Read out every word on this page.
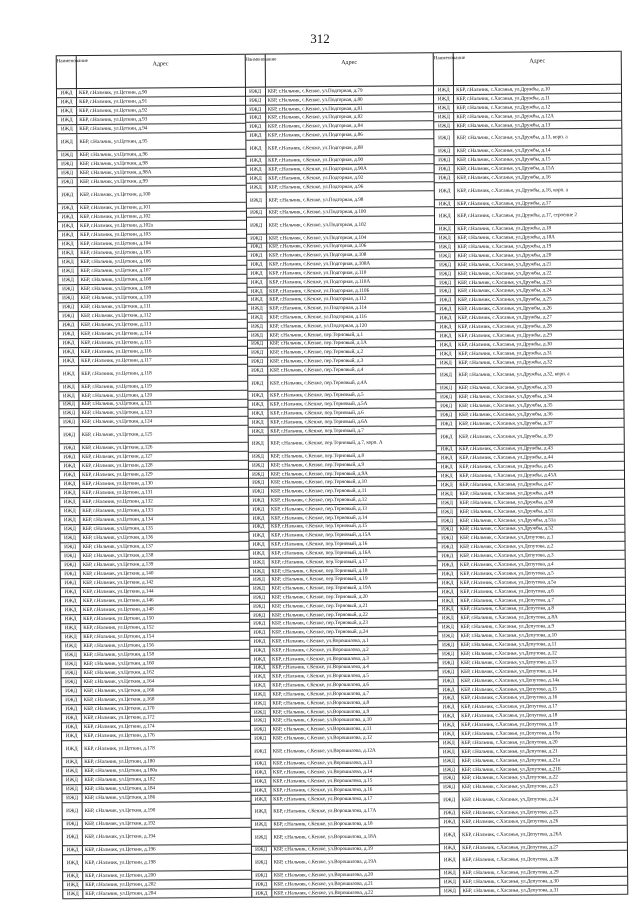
312
Наименование	Адрес
ИЖД	КБР, г.Нальчик, ул.Цеткин, д.90
ИЖД	КБР, г.Нальчик, ул.Цеткин, д.91
ИЖД	КБР, г.Нальчик, ул.Цеткин, д.92
ИЖД	КБР, г.Нальчик, ул.Цеткин, д.93
ИЖД	КБР, г.Нальчик, ул.Цеткин, д.94
ИЖД	КБР, г.Нальчик, ул.Цеткин, д.95
ИЖД	КБР, г.Нальчик, ул.Цеткин, д.96
ИЖД	КБР, г.Нальчик, ул.Цеткин, д.98
ИЖД	КБР, г.Нальчик, ул.Цеткин, д.98А
ИЖД	КБР, г.Нальчик, ул.Цеткин, д.99
ИЖД	КБР, г.Нальчик, ул.Цеткин, д.100
ИЖД	КБР, г.Нальчик, ул.Цеткин, д.101
ИЖД	КБР, г.Нальчик, ул.Цеткин, д.102
ИЖД	КБР, г.Нальчик, ул.Цеткин, д.102а
ИЖД	КБР, г.Нальчик, ул.Цеткин, д.103
ИЖД	КБР, г.Нальчик, ул.Цеткин, д.104
ИЖД	КБР, г.Нальчик, ул.Цеткин, д.105
ИЖД	КБР, г.Нальчик, ул.Цеткин, д.106
ИЖД	КБР, г.Нальчик, ул.Цеткин, д.107
ИЖД	КБР, г.Нальчик, ул.Цеткин, д.108
ИЖД	КБР, г.Нальчик, ул.Цеткин, д.109
ИЖД	КБР, г.Нальчик, ул.Цеткин, д.110
ИЖД	КБР, г.Нальчик, ул.Цеткин, д.111
ИЖД	КБР, г.Нальчик, ул.Цеткин, д.112
ИЖД	КБР, г.Нальчик, ул.Цеткин, д.113
ИЖД	КБР, г.Нальчик, ул.Цеткин, д.114
ИЖД	КБР, г.Нальчик, ул.Цеткин, д.115
ИЖД	КБР, г.Нальчик, ул.Цеткин, д.116
ИЖД	КБР, г.Нальчик, ул.Цеткин, д.117
ИЖД	КБР, г.Нальчик, ул.Цеткин, д.118
ИЖД	КБР, г.Нальчик, ул.Цеткин, д.119
ИЖД	КБР, г.Нальчик, ул.Цеткин, д.120
ИЖД	КБР, г.Нальчик, ул.Цеткин, д.121
ИЖД	КБР, г.Нальчик, ул.Цеткин, д.123
ИЖД	КБР, г.Нальчик, ул.Цеткин, д.124
ИЖД	КБР, г.Нальчик, ул.Цеткин, д.125
ИЖД	КБР, г.Нальчик, ул.Цеткин, д.126
ИЖД	КБР, г.Нальчик, ул.Цеткин, д.127
ИЖД	КБР, г.Нальчик, ул.Цеткин, д.128
ИЖД	КБР, г.Нальчик, ул.Цеткин, д.129
ИЖД	КБР, г.Нальчик, ул.Цеткин, д.130
ИЖД	КБР, г.Нальчик, ул.Цеткин, д.131
ИЖД	КБР, г.Нальчик, ул.Цеткин, д.132
ИЖД	КБР, г.Нальчик, ул.Цеткин, д.133
ИЖД	КБР, г.Нальчик, ул.Цеткин, д.134
ИЖД	КБР, г.Нальчик, ул.Цеткин, д.135
ИЖД	КБР, г.Нальчик, ул.Цеткин, д.136
ИЖД	КБР, г.Нальчик, ул.Цеткин, д.137
ИЖД	КБР, г.Нальчик, ул.Цеткин, д.138
ИЖД	КБР, г.Нальчик, ул.Цеткин, д.139
ИЖД	КБР, г.Нальчик, ул.Цеткин, д.140
ИЖД	КБР, г.Нальчик, ул.Цеткин, д.142
ИЖД	КБР, г.Нальчик, ул.Цеткин, д.144
ИЖД	КБР, г.Нальчик, ул.Цеткин, д.146
ИЖД	КБР, г.Нальчик, ул.Цеткин, д.148
ИЖД	КБР, г.Нальчик, ул.Цеткин, д.150
ИЖД	КБР, г.Нальчик, ул.Цеткин, д.152
ИЖД	КБР, г.Нальчик, ул.Цеткин, д.154
ИЖД	КБР, г.Нальчик, ул.Цеткин, д.156
ИЖД	КБР, г.Нальчик, ул.Цеткин, д.158
ИЖД	КБР, г.Нальчик, ул.Цеткин, д.160
ИЖД	КБР, г.Нальчик, ул.Цеткин, д.162
ИЖД	КБР, г.Нальчик, ул.Цеткин, д.164
ИЖД	КБР, г.Нальчик, ул.Цеткин, д.166
ИЖД	КБР, г.Нальчик, ул.Цеткин, д.168
ИЖД	КБР, г.Нальчик, ул.Цеткин, д.170
ИЖД	КБР, г.Нальчик, ул.Цеткин, д.172
ИЖД	КБР, г.Нальчик, ул.Цеткин, д.174
ИЖД	КБР, г.Нальчик, ул.Цеткин, д.176
ИЖД	КБР, г.Нальчик, ул.Цеткин, д.178
ИЖД	КБР, г.Нальчик, ул.Цеткин, д.180
ИЖД	КБР, г.Нальчик, ул.Цеткин, д.180а
ИЖД	КБР, г.Нальчик, ул.Цеткин, д.182
ИЖД	КБР, г.Нальчик, ул.Цеткин, д.184
ИЖД	КБР, г.Нальчик, ул.Цеткин, д.186
ИЖД	КБР, г.Нальчик, ул.Цеткин, д.190
ИЖД	КБР, г.Нальчик, ул.Цеткин, д.192
ИЖД	КБР, г.Нальчик, ул.Цеткин, д.194
ИЖД	КБР, г.Нальчик, ул.Цеткин, д.196
ИЖД	КБР, г.Нальчик, ул.Цеткин, д.198
ИЖД	КБР, г.Нальчик, ул.Цеткин, д.200
ИЖД	КБР, г.Нальчик, ул.Цеткин, д.202
ИЖД	КБР, г.Нальчик, ул.Цеткин, д.204
Наименование	Адрес
ИЖД	КБР, г.Нальчик, с.Кенже, ул.Подгорная, д.79
ИЖД	КБР, г.Нальчик, с.Кенже, ул.Подгорная, д.80
ИЖД	КБР, г.Нальчик, с.Кенже, ул.Подгорная, д.81
ИЖД	КБР, г.Нальчик, с.Кенже, ул.Подгорная, д.82
ИЖД	КБР, г.Нальчик, с.Кенже, ул.Подгорная, д.84
ИЖД	КБР, г.Нальчик, с.Кенже, ул.Подгорная, д.86
ИЖД	КБР, г.Нальчик, с.Кенже, ул.Подгорная, д.88
ИЖД	КБР, г.Нальчик, с.Кенже, ул.Подгорная, д.90
ИЖД	КБР, г.Нальчик, с.Кенже, ул.Подгорная, д.90А
ИЖД	КБР, г.Нальчик, с.Кенже, ул.Подгорная, д.92
ИЖД	КБР, г.Нальчик, с.Кенже, ул.Подгорная, д.96
ИЖД	КБР, г.Нальчик, с.Кенже, ул.Подгорная, д.98
ИЖД	КБР, г.Нальчик, с.Кенже, ул.Подгорная, д.100
ИЖД	КБР, г.Нальчик, с.Кенже, ул.Подгорная, д.102
ИЖД	КБР, г.Нальчик, с.Кенже, ул.Подгорная, д.104
ИЖД	КБР, г.Нальчик, с.Кенже, ул.Подгорная, д.106
ИЖД	КБР, г.Нальчик, с.Кенже, ул.Подгорная, д.108
ИЖД	КБР, г.Нальчик, с.Кенже, ул.Подгорная, д.108А
ИЖД	КБР, г.Нальчик, с.Кенже, ул.Подгорная, д.110
ИЖД	КБР, г.Нальчик, с.Кенже, ул.Подгорная, д.110А
ИЖД	КБР, г.Нальчик, с.Кенже, ул.Подгорная, д.110Б
ИЖД	КБР, г.Нальчик, с.Кенже, ул.Подгорная, д.112
ИЖД	КБР, г.Нальчик, с.Кенже, ул.Подгорная, д.114
ИЖД	КБР, г.Нальчик, с.Кенже, ул.Подгорная, д.116
ИЖД	КБР, г.Нальчик, с.Кенже, ул.Подгорная, д.120
ИЖД	КБР, г.Нальчик, с.Кенже, пер.Терновый, д.1
ИЖД	КБР, г.Нальчик, с.Кенже, пер.Терновый, д.1А
ИЖД	КБР, г.Нальчик, с.Кенже, пер.Терновый, д.2
ИЖД	КБР, г.Нальчик, с.Кенже, пер.Терновый, д.3
ИЖД	КБР, г.Нальчик, с.Кенже, пер.Терновый, д.4
ИЖД	КБР, г.Нальчик, с.Кенже, пер.Терновый, д.4А
ИЖД	КБР, г.Нальчик, с.Кенже, пер.Терновый, д.5
ИЖД	КБР, г.Нальчик, с.Кенже, пер.Терновый, д.5А
ИЖД	КБР, г.Нальчик, с.Кенже, пер.Терновый, д.6
ИЖД	КБР, г.Нальчик, с.Кенже, пер.Терновый, д.6А
ИЖД	КБР, г.Нальчик, с.Кенже, пер.Терновый, д.7
ИЖД	КБР, г.Нальчик, с.Кенже, пер.Терновый, д.7, корп. А
ИЖД	КБР, г.Нальчик, с.Кенже, пер.Терновый, д.8
ИЖД	КБР, г.Нальчик, с.Кенже, пер.Терновый, д.9
ИЖД	КБР, г.Нальчик, с.Кенже, пер.Терновый, д.9А
ИЖД	КБР, г.Нальчик, с.Кенже, пер.Терновый, д.10
ИЖД	КБР, г.Нальчик, с.Кенже, пер.Терновый, д.11
ИЖД	КБР, г.Нальчик, с.Кенже, пер.Терновый, д.12
ИЖД	КБР, г.Нальчик, с.Кенже, пер.Терновый, д.13
ИЖД	КБР, г.Нальчик, с.Кенже, пер.Терновый, д.14
ИЖД	КБР, г.Нальчик, с.Кенже, пер.Терновый, д.15
ИЖД	КБР, г.Нальчик, с.Кенже, пер.Терновый, д.15А
ИЖД	КБР, г.Нальчик, с.Кенже, пер.Терновый, д.16
ИЖД	КБР, г.Нальчик, с.Кенже, пер.Терновый, д.16А
ИЖД	КБР, г.Нальчик, с.Кенже, пер.Терновый, д.17
ИЖД	КБР, г.Нальчик, с.Кенже, пер.Терновый, д.18
ИЖД	КБР, г.Нальчик, с.Кенже, пер.Терновый, д.19
ИЖД	КБР, г.Нальчик, с.Кенже, пер.Терновый, д.19А
ИЖД	КБР, г.Нальчик, с.Кенже, пер.Терновый, д.20
ИЖД	КБР, г.Нальчик, с.Кенже, пер.Терновый, д.21
ИЖД	КБР, г.Нальчик, с.Кенже, пер.Терновый, д.22
ИЖД	КБР, г.Нальчик, с.Кенже, пер.Терновый, д.23
ИЖД	КБР, г.Нальчик, с.Кенже, пер.Терновый, д.24
ИЖД	КБР, г.Нальчик, с.Кенже, ул.Ворошилова, д.1
ИЖД	КБР, г.Нальчик, с.Кенже, ул.Ворошилова, д.2
ИЖД	КБР, г.Нальчик, с.Кенже, ул.Ворошилова, д.3
ИЖД	КБР, г.Нальчик, с.Кенже, ул.Ворошилова, д.4
ИЖД	КБР, г.Нальчик, с.Кенже, ул.Ворошилова, д.5
ИЖД	КБР, г.Нальчик, с.Кенже, ул.Ворошилова, д.6
ИЖД	КБР, г.Нальчик, с.Кенже, ул.Ворошилова, д.7
ИЖД	КБР, г.Нальчик, с.Кенже, ул.Ворошилова, д.8
ИЖД	КБР, г.Нальчик, с.Кенже, ул.Ворошилова, д.9
ИЖД	КБР, г.Нальчик, с.Кенже, ул.Ворошилова, д.10
ИЖД	КБР, г.Нальчик, с.Кенже, ул.Ворошилова, д.11
ИЖД	КБР, г.Нальчик, с.Кенже, ул.Ворошилова, д.12
ИЖД	КБР, г.Нальчик, с.Кенже, ул.Ворошилова, д.12А
ИЖД	КБР, г.Нальчик, с.Кенже, ул.Ворошилова, д.13
ИЖД	КБР, г.Нальчик, с.Кенже, ул.Ворошилова, д.14
ИЖД	КБР, г.Нальчик, с.Кенже, ул.Ворошилова, д.15
ИЖД	КБР, г.Нальчик, с.Кенже, ул.Ворошилова, д.16
ИЖД	КБР, г.Нальчик, с.Кенже, ул.Ворошилова, д.17
ИЖД	КБР, г.Нальчик, с.Кенже, ул.Ворошилова, д.17А
ИЖД	КБР, г.Нальчик, с.Кенже, ул.Ворошилова, д.18
ИЖД	КБР, г.Нальчик, с.Кенже, ул.Ворошилова, д.18А
ИЖД	КБР, г.Нальчик, с.Кенже, ул.Ворошилова, д.19
ИЖД	КБР, г.Нальчик, с.Кенже, ул.Ворошилова, д.19А
ИЖД	КБР, г.Нальчик, с.Кенже, ул.Ворошилова, д.20
ИЖД	КБР, г.Нальчик, с.Кенже, ул.Ворошилова, д.21
ИЖД	КБР, г.Нальчик, с.Кенже, ул.Ворошилова, д.22
Наименование	Адрес
ИЖД	КБР, г.Нальчик, с.Хасанья, ул.Дружбы, д.10
ИЖД	КБР, г.Нальчик, с.Хасанья, ул.Дружбы, д.11
ИЖД	КБР, г.Нальчик, с.Хасанья, ул.Дружбы, д.12
ИЖД	КБР, г.Нальчик, с.Хасанья, ул.Дружбы, д.12А
ИЖД	КБР, г.Нальчик, с.Хасанья, ул.Дружбы, д.13
ИЖД	КБР, г.Нальчик, с.Хасанья, ул.Дружбы, д.13, корп. а
ИЖД	КБР, г.Нальчик, с.Хасанья, ул.Дружбы, д.14
ИЖД	КБР, г.Нальчик, с.Хасанья, ул.Дружбы, д.15
ИЖД	КБР, г.Нальчик, с.Хасанья, ул.Дружбы, д.15А
ИЖД	КБР, г.Нальчик, с.Хасанья, ул.Дружбы, д.16
ИЖД	КБР, г.Нальчик, с.Хасанья, ул.Дружбы, д.16, корп. а
ИЖД	КБР, г.Нальчик, с.Хасанья, ул.Дружбы, д.17
ИЖД	КБР, г.Нальчик, с.Хасанья, ул.Дружбы, д.17, строение 2
ИЖД	КБР, г.Нальчик, с.Хасанья, ул.Дружбы, д.18
ИЖД	КБР, г.Нальчик, с.Хасанья, ул.Дружбы, д.18А
ИЖД	КБР, г.Нальчик, с.Хасанья, ул.Дружбы, д.19
ИЖД	КБР, г.Нальчик, с.Хасанья, ул.Дружбы, д.20
ИЖД	КБР, г.Нальчик, с.Хасанья, ул.Дружбы, д.21
ИЖД	КБР, г.Нальчик, с.Хасанья, ул.Дружбы, д.22
ИЖД	КБР, г.Нальчик, с.Хасанья, ул.Дружбы, д.23
ИЖД	КБР, г.Нальчик, с.Хасанья, ул.Дружбы, д.24
ИЖД	КБР, г.Нальчик, с.Хасанья, ул.Дружбы, д.25
ИЖД	КБР, г.Нальчик, с.Хасанья, ул.Дружбы, д.26
ИЖД	КБР, г.Нальчик, с.Хасанья, ул.Дружбы, д.27
ИЖД	КБР, г.Нальчик, с.Хасанья, ул.Дружбы, д.28
ИЖД	КБР, г.Нальчик, с.Хасанья, ул.Дружбы, д.29
ИЖД	КБР, г.Нальчик, с.Хасанья, ул.Дружбы, д.30
ИЖД	КБР, г.Нальчик, с.Хасанья, ул.Дружбы, д.31
ИЖД	КБР, г.Нальчик, с.Хасанья, ул.Дружбы, д.32
ИЖД	КБР, г.Нальчик, с.Хасанья, ул.Дружбы, д.32, корп. а
ИЖД	КБР, г.Нальчик, с.Хасанья, ул.Дружбы, д.33
ИЖД	КБР, г.Нальчик, с.Хасанья, ул.Дружбы, д.34
ИЖД	КБР, г.Нальчик, с.Хасанья, ул.Дружбы, д.35
ИЖД	КБР, г.Нальчик, с.Хасанья, ул.Дружбы, д.36
ИЖД	КБР, г.Нальчик, с.Хасанья, ул.Дружбы, д.37
ИЖД	КБР, г.Нальчик, с.Хасанья, ул.Дружбы, д.39
ИЖД	КБР, г.Нальчик, с.Хасанья, ул.Дружбы, д.43
ИЖД	КБР, г.Нальчик, с.Хасанья, ул.Дружбы, д.44
ИЖД	КБР, г.Нальчик, с.Хасанья, ул.Дружбы, д.45
ИЖД	КБР, г.Нальчик, с.Хасанья, ул.Дружбы, д.45А
ИЖД	КБР, г.Нальчик, с.Хасанья, ул.Дружбы, д.47
ИЖД	КБР, г.Нальчик, с.Хасанья, ул.Дружбы, д.49
ИЖД	КБР, г.Нальчик, с.Хасанья, ул.Дружбы, д.50
ИЖД	КБР, г.Нальчик, с.Хасанья, ул.Дружбы, д.51
ИЖД	КБР, г.Нальчик, с.Хасанья, ул.Дружбы, д.51а
ИЖД	КБР, г.Нальчик, с.Хасанья, ул.Дружбы, д.52
ИЖД	КБР, г.Нальчик, с.Хасанья, ул.Депутова, д.1
ИЖД	КБР, г.Нальчик, с.Хасанья, ул.Депутова, д.2
ИЖД	КБР, г.Нальчик, с.Хасанья, ул.Депутова, д.3
ИЖД	КБР, г.Нальчик, с.Хасанья, ул.Депутова, д.4
ИЖД	КБР, г.Нальчик, с.Хасанья, ул.Депутова, д.5
ИЖД	КБР, г.Нальчик, с.Хасанья, ул.Депутова, д.5а
ИЖД	КБР, г.Нальчик, с.Хасанья, ул.Депутова, д.6
ИЖД	КБР, г.Нальчик, с.Хасанья, ул.Депутова, д.7
ИЖД	КБР, г.Нальчик, с.Хасанья, ул.Депутова, д.8
ИЖД	КБР, г.Нальчик, с.Хасанья, ул.Депутова, д.8А
ИЖД	КБР, г.Нальчик, с.Хасанья, ул.Депутова, д.9
ИЖД	КБР, г.Нальчик, с.Хасанья, ул.Депутова, д.10
ИЖД	КБР, г.Нальчик, с.Хасанья, ул.Депутова, д.11
ИЖД	КБР, г.Нальчик, с.Хасанья, ул.Депутова, д.12
ИЖД	КБР, г.Нальчик, с.Хасанья, ул.Депутова, д.13
ИЖД	КБР, г.Нальчик, с.Хасанья, ул.Депутова, д.14
ИЖД	КБР, г.Нальчик, с.Хасанья, ул.Депутова, д.14а
ИЖД	КБР, г.Нальчик, с.Хасанья, ул.Депутова, д.15
ИЖД	КБР, г.Нальчик, с.Хасанья, ул.Депутова, д.16
ИЖД	КБР, г.Нальчик, с.Хасанья, ул.Депутова, д.17
ИЖД	КБР, г.Нальчик, с.Хасанья, ул.Депутова, д.18
ИЖД	КБР, г.Нальчик, с.Хасанья, ул.Депутова, д.19
ИЖД	КБР, г.Нальчик, с.Хасанья, ул.Депутова, д.19а
ИЖД	КБР, г.Нальчик, с.Хасанья, ул.Депутова, д.20
ИЖД	КБР, г.Нальчик, с.Хасанья, ул.Депутова, д.21
ИЖД	КБР, г.Нальчик, с.Хасанья, ул.Депутова, д.21а
ИЖД	КБР, г.Нальчик, с.Хасанья, ул.Депутова, д.21Б
ИЖД	КБР, г.Нальчик, с.Хасанья, ул.Депутова, д.22
ИЖД	КБР, г.Нальчик, с.Хасанья, ул.Депутова, д.23
ИЖД	КБР, г.Нальчик, с.Хасанья, ул.Депутова, д.24
ИЖД	КБР, г.Нальчик, с.Хасанья, ул.Депутова, д.25
ИЖД	КБР, г.Нальчик, с.Хасанья, ул.Депутова, д.26
ИЖД	КБР, г.Нальчик, с.Хасанья, ул.Депутова, д.26А
ИЖД	КБР, г.Нальчик, с.Хасанья, ул.Депутова, д.27
ИЖД	КБР, г.Нальчик, с.Хасанья, ул.Депутова, д.28
ИЖД	КБР, г.Нальчик, с.Хасанья, ул.Депутова, д.29
ИЖД	КБР, г.Нальчик, с.Хасанья, ул.Депутова, д.30
ИЖД	КБР, г.Нальчик, с.Хасанья, ул.Депутова, д.31
